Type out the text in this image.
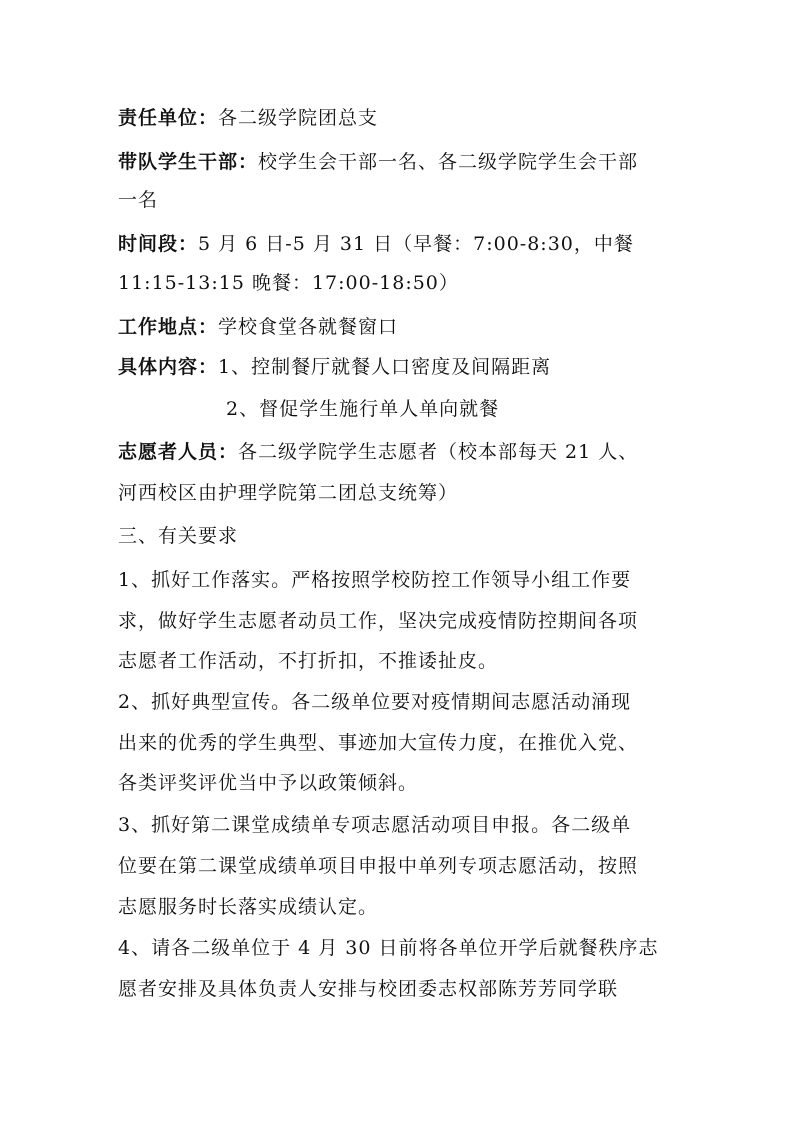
责任单位：各二级学院团总支
带队学生干部：校学生会干部一名、各二级学院学生会干部
一名
时间段：5 月 6 日-5 月 31 日（早餐：7:00-8:30，中餐
11:15-13:15 晚餐：17:00-18:50）
工作地点：学校食堂各就餐窗口
具体内容：1、控制餐厅就餐人口密度及间隔距离
2、督促学生施行单人单向就餐
志愿者人员：各二级学院学生志愿者（校本部每天 21 人、
河西校区由护理学院第二团总支统筹）
三、有关要求
1、抓好工作落实。严格按照学校防控工作领导小组工作要
求，做好学生志愿者动员工作，坚决完成疫情防控期间各项
志愿者工作活动，不打折扣，不推诿扯皮。
2、抓好典型宣传。各二级单位要对疫情期间志愿活动涌现
出来的优秀的学生典型、事迹加大宣传力度，在推优入党、
各类评奖评优当中予以政策倾斜。
3、抓好第二课堂成绩单专项志愿活动项目申报。各二级单
位要在第二课堂成绩单项目申报中单列专项志愿活动，按照
志愿服务时长落实成绩认定。
4、请各二级单位于 4 月 30 日前将各单位开学后就餐秩序志
愿者安排及具体负责人安排与校团委志权部陈芳芳同学联
